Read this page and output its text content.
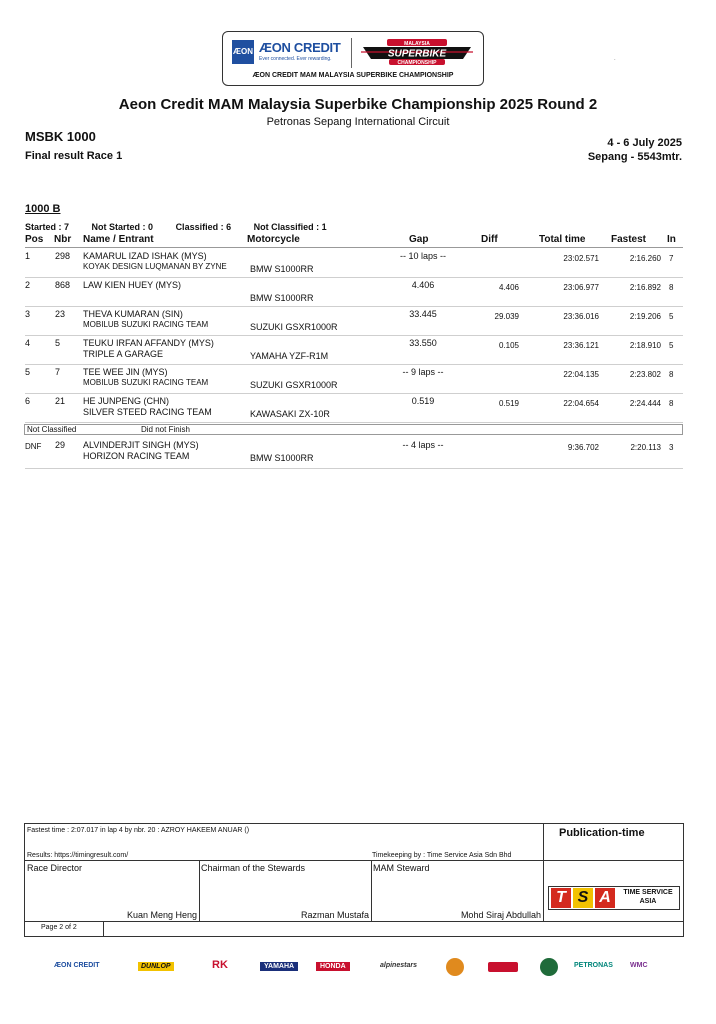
ÆON ÆON CREDIT
Ever connected. Ever rewarding.
MALAYSIA
SUPERBIKE
CHAMPIONSHIP
ÆON CREDIT MAM MALAYSIA SUPERBIKE CHAMPIONSHIP
.
Aeon Credit MAM Malaysia Superbike Championship 2025 Round 2
Petronas Sepang International Circuit
MSBK 1000
Final result Race 1
4 - 6 July 2025
Sepang - 5543mtr.
1000 B
Started : 7	Not Started : 0	Classified : 6	Not Classified : 1
Pos Nbr Name / Entrant	Motorcycle	Gap	Diff	Total time	Fastest In
1	298 KAMARUL IZAD ISHAK (MYS)
KOYAK DESIGN LUQMANAN BY ZYNE	BMW S1000RR
-- 10 laps --	23:02.571	2:16.260 7
2	868 LAW KIEN HUEY (MYS)
BMW S1000RR
4.406	4.406	23:06.977	2:16.892 8
3	23 THEVA KUMARAN (SIN)
MOBILUB SUZUKI RACING TEAM	SUZUKI GSXR1000R
33.445	29.039	23:36.016	2:19.206 5
4	5	TEUKU IRFAN AFFANDY (MYS)
TRIPLE A GARAGE	YAMAHA YZF-R1M
33.550	0.105	23:36.121	2:18.910 5
5	7	TEE WEE JIN (MYS)
MOBILUB SUZUKI RACING TEAM	SUZUKI GSXR1000R
-- 9 laps --	22:04.135	2:23.802 8
6	21 HE JUNPENG (CHN)
SILVER STEED RACING TEAM	KAWASAKI ZX-10R
0.519	0.519	22:04.654	2:24.444 8
Not Classified	Did not Finish
DNF 29 ALVINDERJIT SINGH (MYS)
HORIZON RACING TEAM	BMW S1000RR
-- 4 laps --	9:36.702	2:20.113 3
Fastest time : 2:07.017 in lap 4 by nbr. 20 : AZROY HAKEEM ANUAR ()
Results: https://timingresult.com/	Timekeeping by : Time Service Asia Sdn Bhd
Publication-time
Race Director
Kuan Meng Heng
Chairman of the Stewards
Razman Mustafa
MAM Steward
Mohd Siraj Abdullah
T S A	TIME SERVICE
ASIA
Page 2 of 2
ÆON CREDIT	DUNLOP	RK	YAMAHA	HONDA	alpinestars	PETRONAS WMC
